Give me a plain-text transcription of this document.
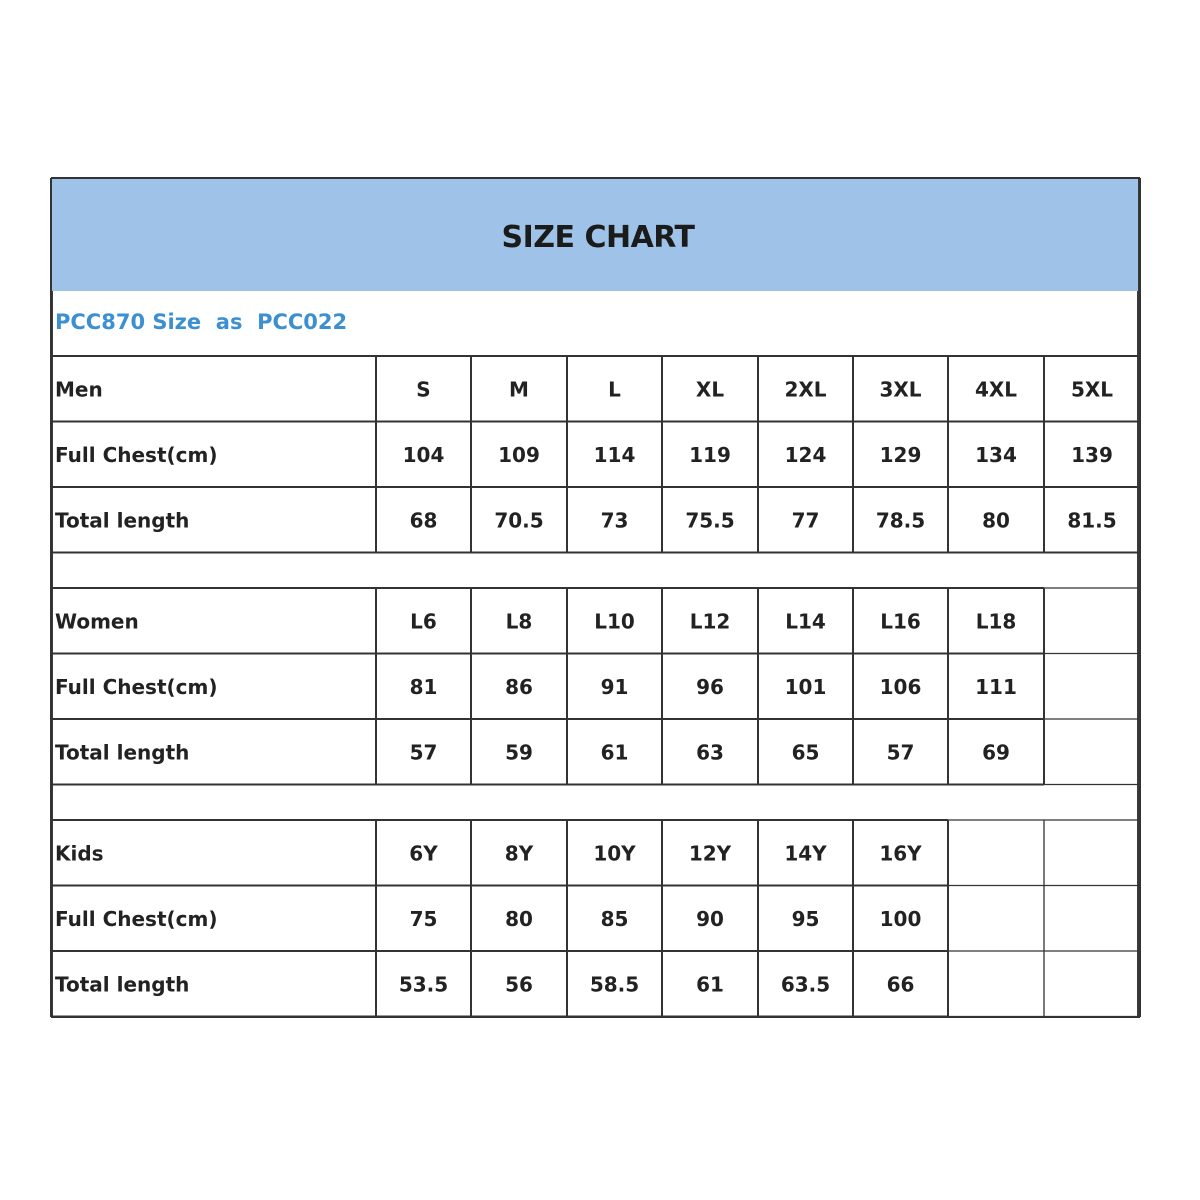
Men	S	M	L	XL	2XL	3XL	4XL	5XL
Full Chest(cm)	104	109	114	119	124	129	134	139
Total length	68	70.5	73	75.5	77	78.5	80	81.5
Women	L6	L8	L10	L12	L14	L16	L18
Full Chest(cm)	81	86	91	96	101	106	111
Total length	57	59	61	63	65	57	69
Kids	6Y	8Y	10Y	12Y	14Y	16Y
Full Chest(cm)	75	80	85	90	95	100
Total length	53.5	56	58.5	61	63.5	66
SIZE CHART
PCC870 Size  as  PCC022
